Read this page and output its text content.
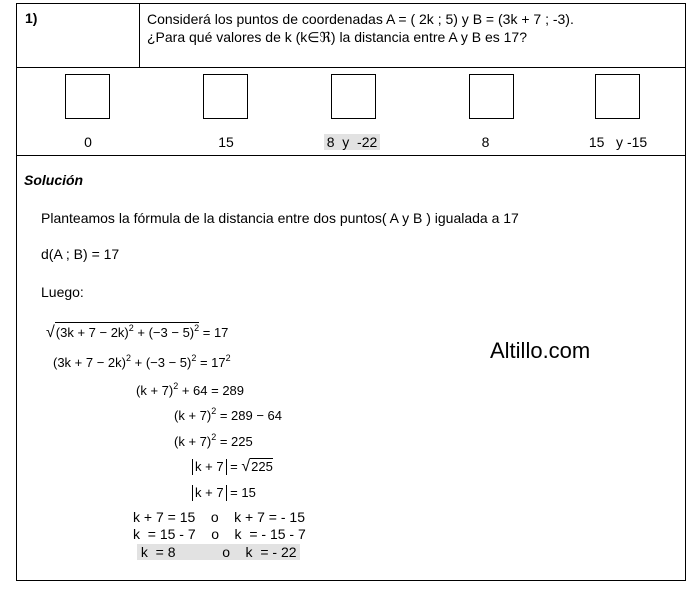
1)	Considerá los puntos de coordenadas A = ( 2k ; 5) y B = (3k + 7 ; -3).
¿Para qué valores de k (k∈ℜ) la distancia entre A y B es 17?
0	15	8  y  -22	8	15   y -15
Solución
Planteamos la fórmula de la distancia entre dos puntos( A y B ) igualada a 17
d(A ; B) = 17
Luego:
$√(3k + 7 - 2k)^2 + (-3 - 5)^2 = 17$
$(3k + 7 - 2k)^2 + (-3 - 5)^2 = 17^2$
$(k + 7)^2 + 64 = 289$
$(k + 7)^2 = 289 - 64$
$(k + 7)^2 = 225$
k + 7 = √225
k + 7 = 15
k + 7 = 15    o    k + 7 = - 15
k  = 15 - 7    o    k  = - 15 - 7
k  = 8            o    k  = - 22
Altillo.com
